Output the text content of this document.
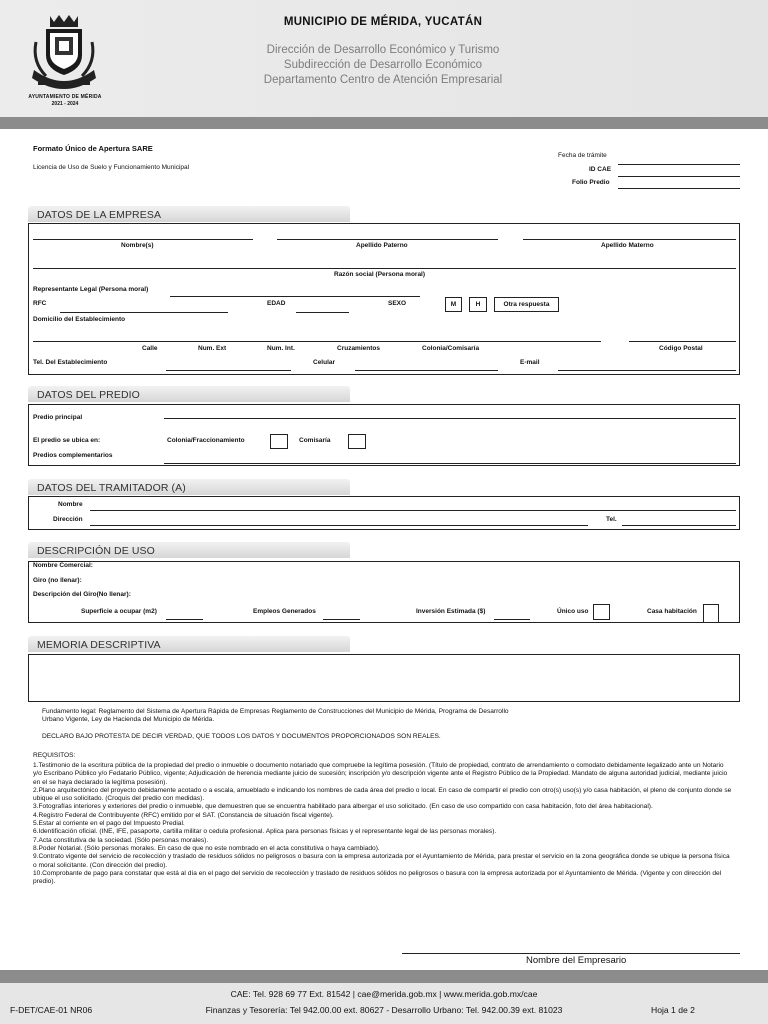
AYUNTAMIENTO DE MÉRIDA
2021 - 2024
MUNICIPIO DE MÉRIDA, YUCATÁN
Dirección de Desarrollo Económico y Turismo
Subdirección de Desarrollo Económico
Departamento Centro de Atención Empresarial
Formato Único de Apertura SARE
Licencia de Uso de Suelo y Funcionamiento Municipal
Fecha de trámite
ID CAE
Folio Predio
DATOS DE LA EMPRESA
Nombre(s)	Apellido Paterno	Apellido Materno
Razón social (Persona moral)
Representante Legal (Persona moral)
RFC	EDAD	SEXO	M	H	Otra respuesta
Domicilio del Establecimiento
Calle	Num. Ext	Num. Int.	Cruzamientos	Colonia/Comisaría	Código Postal
Tel. Del Establecimiento	Celular	E-mail
DATOS DEL PREDIO
Predio principal
El predio se ubica en:	Colonia/Fraccionamiento	Comisaría
Predios complementarios
DATOS DEL TRAMITADOR (A)
Nombre
Dirección	Tel.
DESCRIPCIÓN DE USO
Nombre Comercial:
Giro (no llenar):
Descripción del Giro(No llenar):
Superficie a ocupar (m2)	Empleos Generados	Inversión Estimada ($)	Único uso	Casa habitación
MEMORIA DESCRIPTIVA
Fundamento legal: Reglamento del Sistema de Apertura Rápida de Empresas Reglamento de Construcciones del Municipio de Mérida, Programa de Desarrollo Urbano Vigente, Ley de Hacienda del Municipio de Mérida.
DECLARO BAJO PROTESTA DE DECIR VERDAD, QUE TODOS LOS DATOS Y DOCUMENTOS PROPORCIONADOS SON REALES.
REQUISITOS:
1.Testimonio de la escritura pública de la propiedad del predio o inmueble o documento notariado que compruebe la legítima posesión. (Título de propiedad, contrato de arrendamiento o comodato debidamente legalizado ante un Notario y/o Escribano Público y/o Fedatario Público, vigente; Adjudicación de herencia mediante juicio de sucesión; inscripción y/o descripción vigente ante el Registro Público de la Propiedad. Mandato de alguna autoridad judicial, mediante juicio en el se haya declarado la legítima posesión).
2.Plano arquitectónico del proyecto debidamente acotado o a escala, amueblado e indicando los nombres de cada área del predio o local. En caso de compartir el predio con otro(s) uso(s) y/o casa habitación, el pleno de conjunto donde se ubique el uso solicitado. (Croquis del predio con medidas).
3.Fotografías interiores y exteriores del predio o inmueble, que demuestren que se encuentra habilitado para albergar el uso solicitado. (En caso de uso compartido con casa habitación, foto del área habitacional).
4.Registro Federal de Contribuyente (RFC) emitido por el SAT. (Constancia de situación fiscal vigente).
5.Estar al corriente en el pago del Impuesto Predial.
6.Identificación oficial. (INE, IFE, pasaporte, cartilla militar o cedula profesional. Aplica para personas físicas y el representante legal de las personas morales).
7.Acta constitutiva de la sociedad. (Sólo personas morales).
8.Poder Notarial. (Sólo personas morales. En caso de que no este nombrado en el acta constitutiva o haya cambiado).
9.Contrato vigente del servicio de recolección y traslado de residuos sólidos no peligrosos o basura con la empresa autorizada por el Ayuntamiento de Mérida, para prestar el servicio en la zona geográfica donde se ubique la persona física o moral solicitante. (Con dirección del predio).
10.Comprobante de pago para constatar que está al día en el pago del servicio de recolección y traslado de residuos sólidos no peligrosos o basura con la empresa autorizada por el Ayuntamiento de Mérida. (Vigente y con dirección del predio).
Nombre del Empresario
CAE: Tel. 928 69 77 Ext. 81542 | cae@merida.gob.mx | www.merida.gob.mx/cae
Finanzas y Tesorería: Tel 942.00.00 ext. 80627 - Desarrollo Urbano: Tel. 942.00.39 ext. 81023
F-DET/CAE-01 NR06	Hoja 1 de 2
